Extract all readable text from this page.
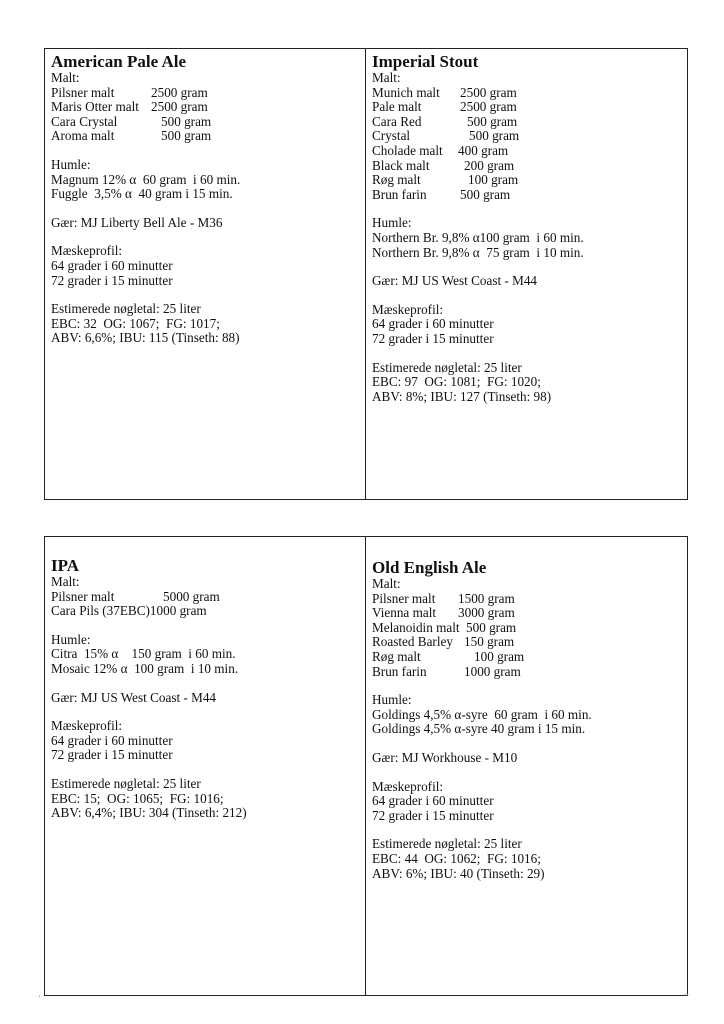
American Pale Ale

Malt:

Pilsner malt	2500 gram
Maris Otter malt 2500 gram
Cara Crystal	500 gram
Aroma malt	500 gram

Humle:

Magnum 12% α  60 gram  i 60 min.

Fuggle  3,5% α  40 gram i 15 min.

Gær: MJ Liberty Bell Ale - M36

Mæskeprofil:

64 grader i 60 minutter

72 grader i 15 minutter

Estimerede nøgletal: 25 liter

EBC: 32  OG: 1067;  FG: 1017;

ABV: 6,6%; IBU: 115 (Tinseth: 88)

Imperial Stout

Malt:

Munich malt	2500 gram
Pale malt	2500 gram
Cara Red	500 gram
Crystal	500 gram
Cholade malt	400 gram
Black malt	200 gram
Røg malt	100 gram
Brun farin	500 gram

Humle:

Northern Br. 9,8% α100 gram  i 60 min.

Northern Br. 9,8% α  75 gram  i 10 min.

Gær: MJ US West Coast - M44

Mæskeprofil:

64 grader i 60 minutter

72 grader i 15 minutter

Estimerede nøgletal: 25 liter

EBC: 97  OG: 1081;  FG: 1020;

ABV: 8%; IBU: 127 (Tinseth: 98)

IPA

Malt:

Pilsner malt	5000 gram
Cara Pils (37EBC) 1000 gram

Humle:

Citra  15% α    150 gram  i 60 min.

Mosaic 12% α  100 gram  i 10 min.

Gær: MJ US West Coast - M44

Mæskeprofil:

64 grader i 60 minutter

72 grader i 15 minutter

Estimerede nøgletal: 25 liter

EBC: 15;  OG: 1065;  FG: 1016;

ABV: 6,4%; IBU: 304 (Tinseth: 212)

Old English Ale

Malt:

Pilsner malt	1500 gram
Vienna malt	3000 gram
Melanoidin malt 500 gram
Roasted Barley 150 gram
Røg malt	100 gram
Brun farin	1000 gram

Humle:

Goldings 4,5% α-syre  60 gram  i 60 min.

Goldings 4,5% α-syre 40 gram i 15 min.

Gær: MJ Workhouse - M10

Mæskeprofil:

64 grader i 60 minutter

72 grader i 15 minutter

Estimerede nøgletal: 25 liter

EBC: 44  OG: 1062;  FG: 1016;

ABV: 6%; IBU: 40 (Tinseth: 29)

'	‾
